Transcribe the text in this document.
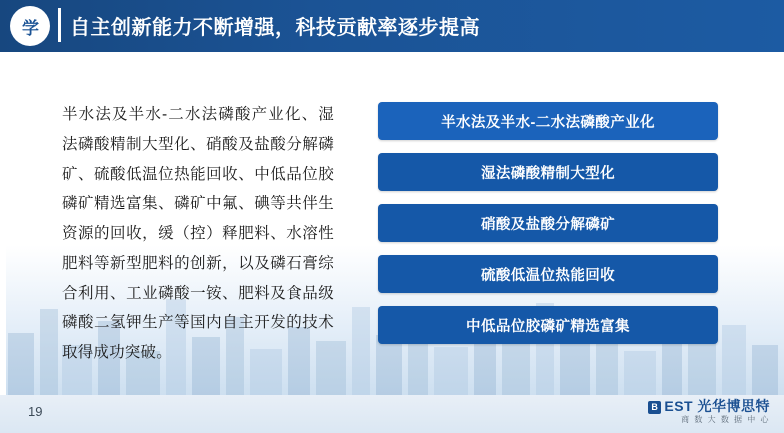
学 自主创新能力不断增强，科技贡献率逐步提高
半水法及半水-二水法磷酸产业化、湿法磷酸精制大型化、硝酸及盐酸分解磷矿、硫酸低温位热能回收、中低品位胶磷矿精选富集、磷矿中氟、碘等共伴生资源的回收，缓（控）释肥料、水溶性肥料等新型肥料的创新，以及磷石膏综合利用、工业磷酸一铵、肥料及食品级磷酸二氢钾生产等国内自主开发的技术取得成功突破。
半水法及半水-二水法磷酸产业化
湿法磷酸精制大型化
硝酸及盐酸分解磷矿
硫酸低温位热能回收
中低品位胶磷矿精选富集
19	B EST 光华博思特
商 数 大 数 据 中 心
